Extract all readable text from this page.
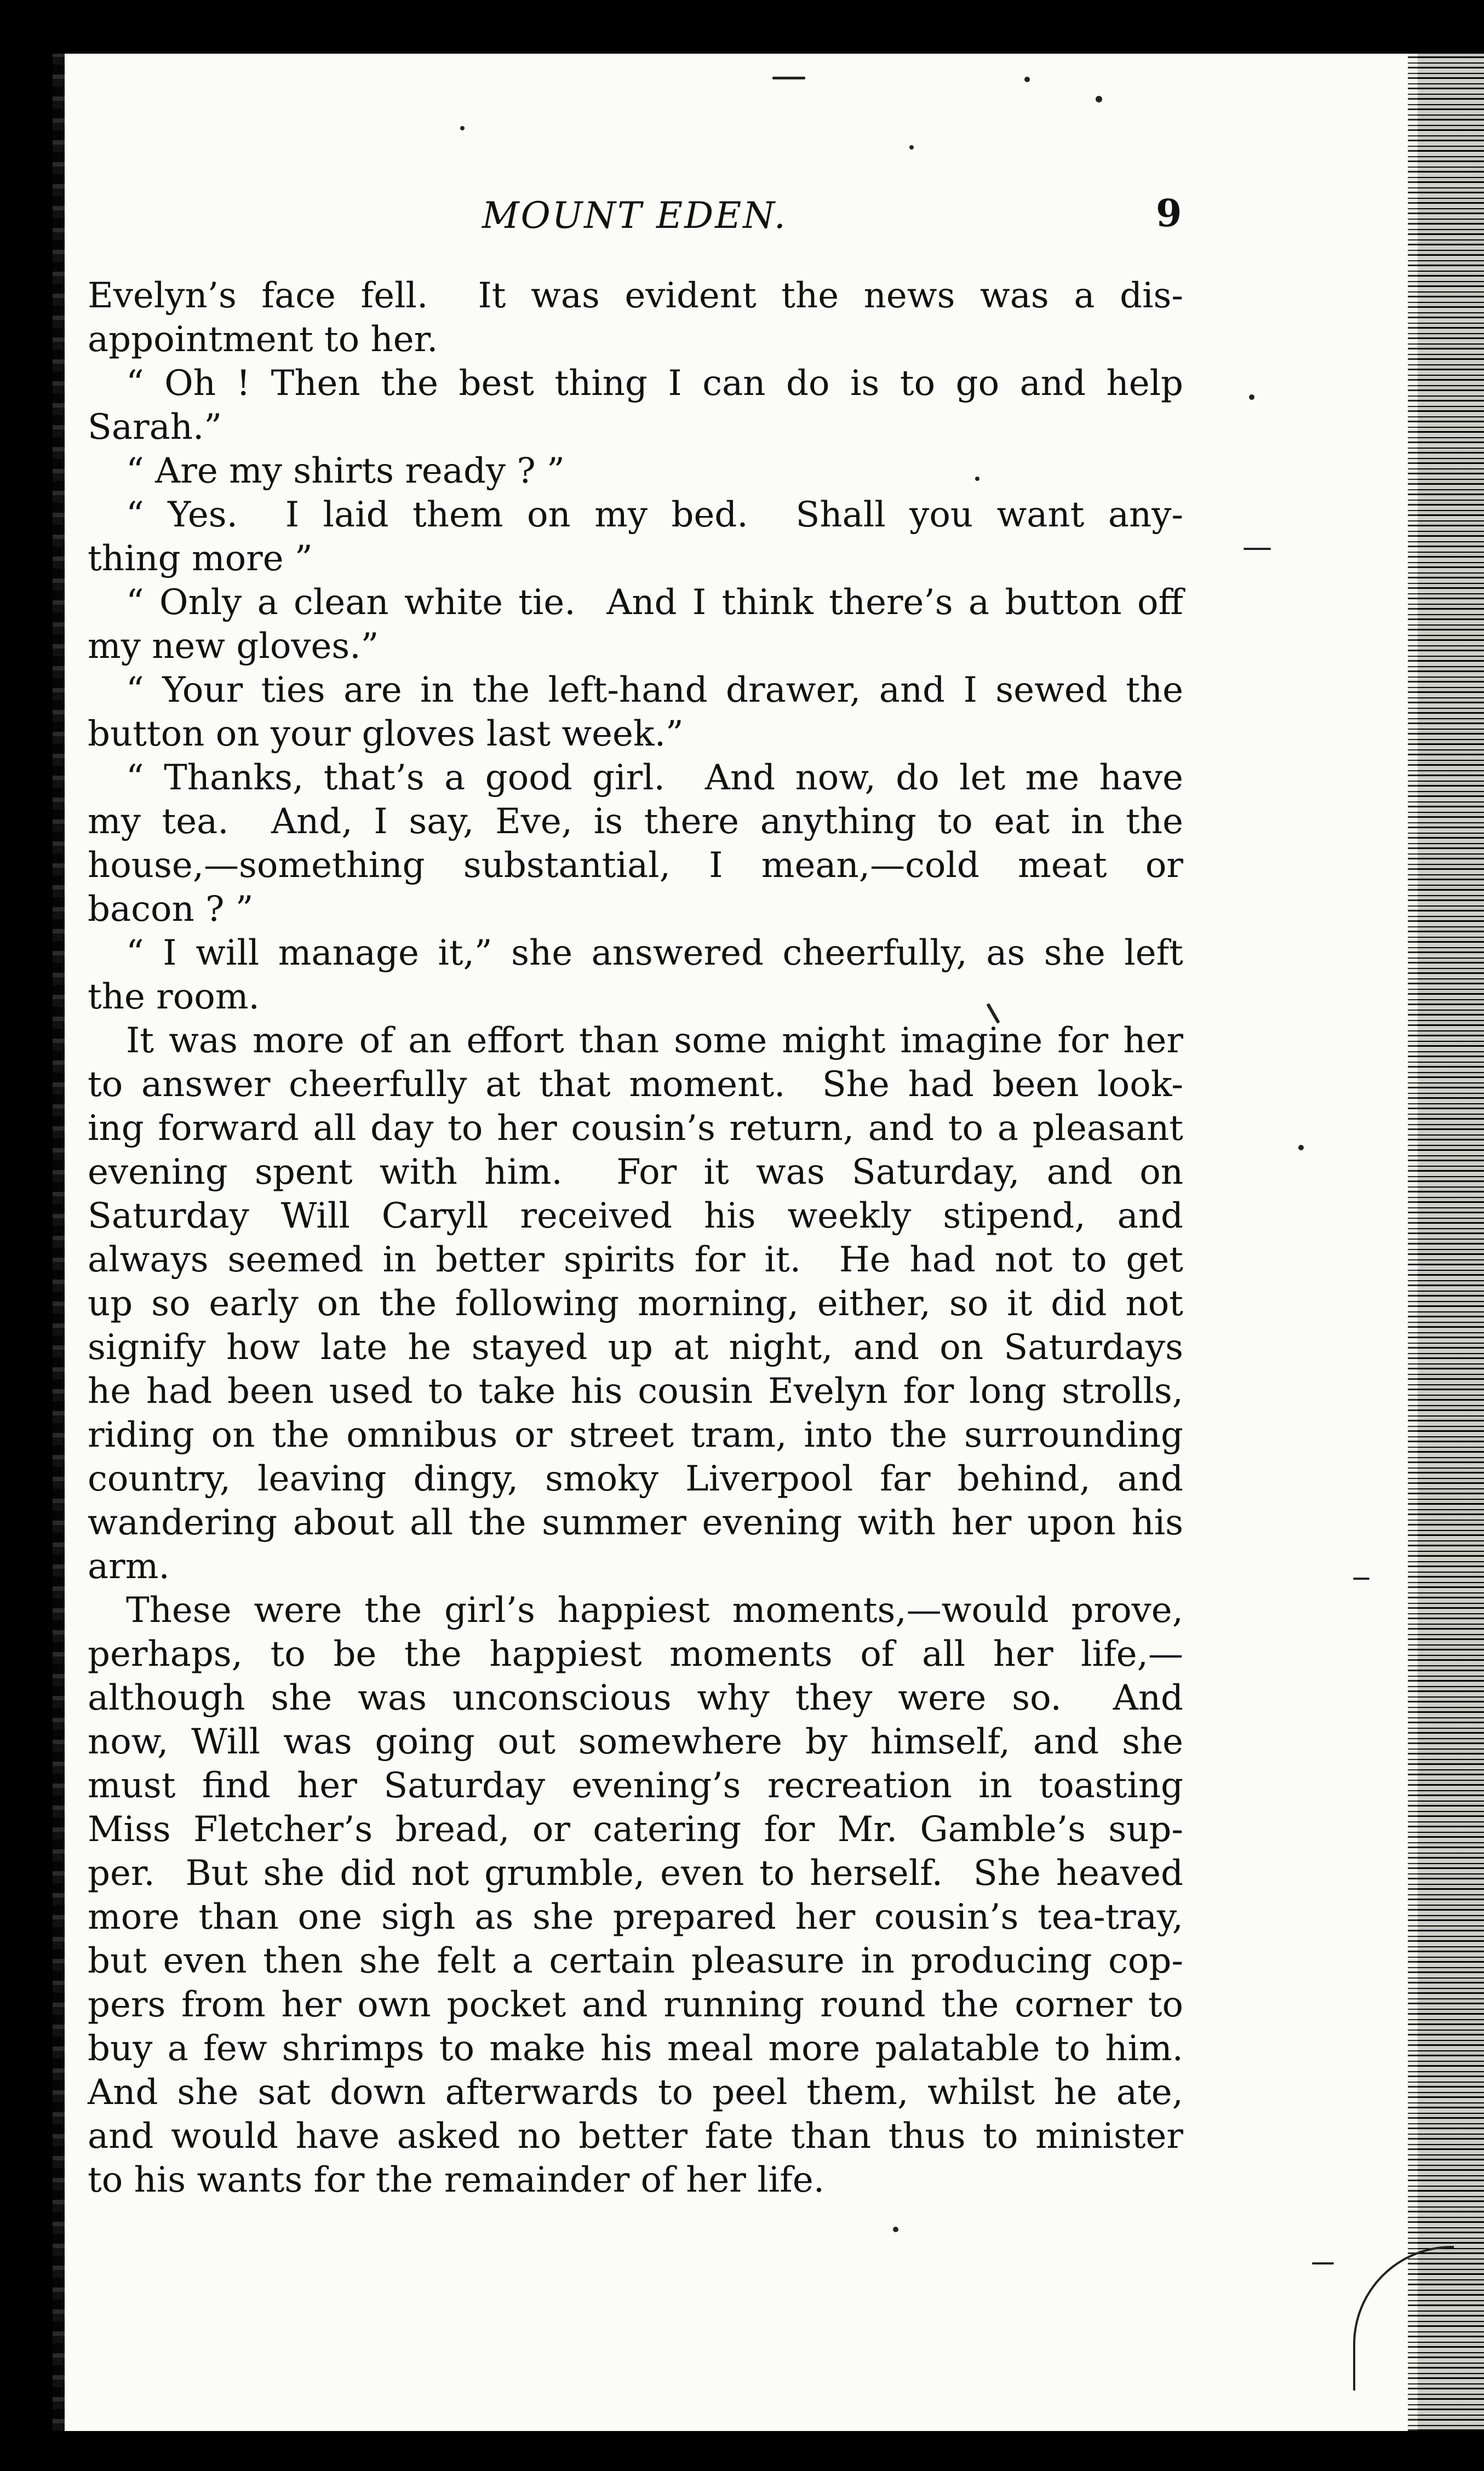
MOUNT EDEN.	9
Evelyn’s face fell.  It was evident the news was a dis-
appointment to her.
“ Oh ! Then the best thing I can do is to go and help
Sarah.”
“ Are my shirts ready ? ”
“ Yes.  I laid them on my bed.  Shall you want any-
thing more ”
“ Only a clean white tie.  And I think there’s a button off
my new gloves.”
“ Your ties are in the left-hand drawer, and I sewed the
button on your gloves last week.”
“ Thanks, that’s a good girl.  And now, do let me have
my tea.  And, I say, Eve, is there anything to eat in the
house,—something substantial, I mean,—cold meat or
bacon ? ”
“ I will manage it,” she answered cheerfully, as she left
the room.
It was more of an effort than some might imagine for her
to answer cheerfully at that moment.  She had been look-
ing forward all day to her cousin’s return, and to a pleasant
evening spent with him.  For it was Saturday, and on
Saturday Will Caryll received his weekly stipend, and
always seemed in better spirits for it.  He had not to get
up so early on the following morning, either, so it did not
signify how late he stayed up at night, and on Saturdays
he had been used to take his cousin Evelyn for long strolls,
riding on the omnibus or street tram, into the surrounding
country, leaving dingy, smoky Liverpool far behind, and
wandering about all the summer evening with her upon his
arm.
These were the girl’s happiest moments,—would prove,
perhaps, to be the happiest moments of all her life,—
although she was unconscious why they were so.  And
now, Will was going out somewhere by himself, and she
must find her Saturday evening’s recreation in toasting
Miss Fletcher’s bread, or catering for Mr. Gamble’s sup-
per.  But she did not grumble, even to herself.  She heaved
more than one sigh as she prepared her cousin’s tea-tray,
but even then she felt a certain pleasure in producing cop-
pers from her own pocket and running round the corner to
buy a few shrimps to make his meal more palatable to him.
And she sat down afterwards to peel them, whilst he ate,
and would have asked no better fate than thus to minister
to his wants for the remainder of her life.
